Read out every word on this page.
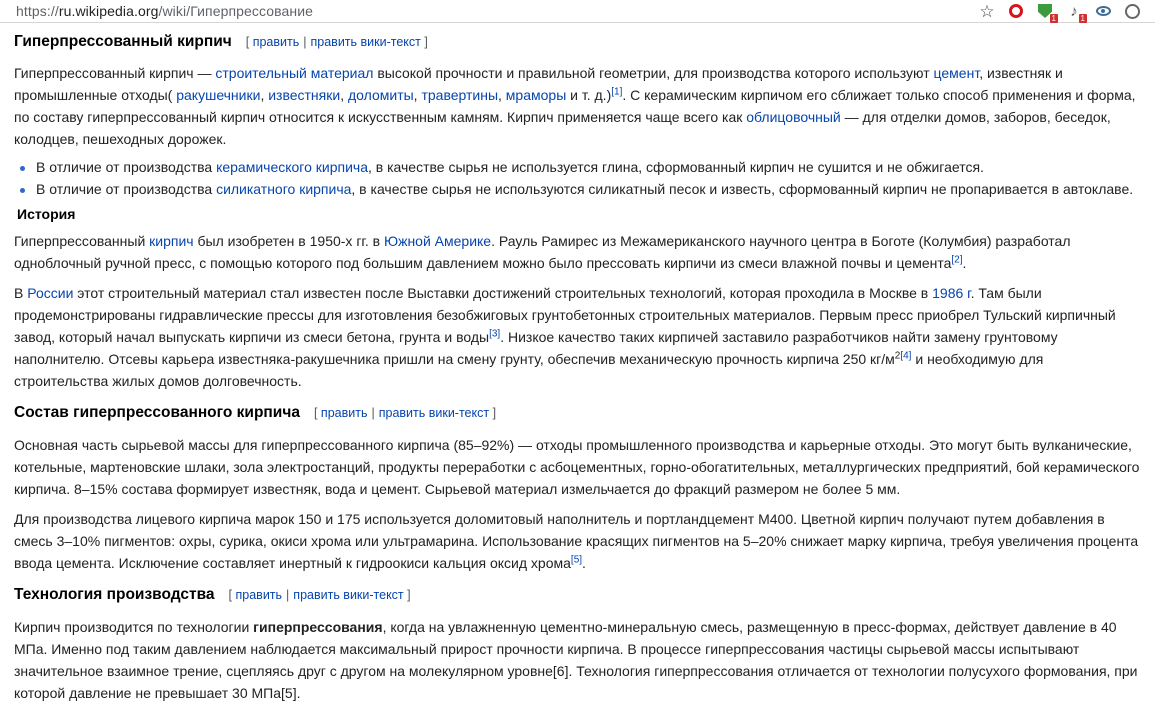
https://ru.wikipedia.org/wiki/Гиперпрессование	☆	1 ♪ 1
Гиперпрессованный кирпич [ править | править вики-текст ]

Гиперпрессованный кирпич — строительный материал высокой прочности и правильной геометрии, для производства которого используют цемент, известняк и промышленные отходы( ракушечники, известняки, доломиты, травертины, мраморы и т. д.)[1]. С керамическим кирпичом его сближает только способ применения и форма, по составу гиперпрессованный кирпич относится к искусственным камням. Кирпич применяется чаще всего как облицовочный — для отделки домов, заборов, беседок, колодцев, пешеходных дорожек.

В отличие от производства керамического кирпича, в качестве сырья не используется глина, сформованный кирпич не сушится и не обжигается.
В отличие от производства силикатного кирпича, в качестве сырья не используются силикатный песок и известь, сформованный кирпич не пропаривается в автоклаве.
История

Гиперпрессованный кирпич был изобретен в 1950-х гг. в Южной Америке. Рауль Рамирес из Межамериканского научного центра в Боготе (Колумбия) разработал одноблочный ручной пресс, с помощью которого под большим давлением можно было прессовать кирпичи из смеси влажной почвы и цемента[2].

В России этот строительный материал стал известен после Выставки достижений строительных технологий, которая проходила в Москве в 1986 г. Там были продемонстрированы гидравлические прессы для изготовления безобжиговых грунтобетонных строительных материалов. Первым пресс приобрел Тульский кирпичный завод, который начал выпускать кирпичи из смеси бетона, грунта и воды[3]. Низкое качество таких кирпичей заставило разработчиков найти замену грунтовому наполнителю. Отсевы карьера известняка-ракушечника пришли на смену грунту, обеспечив механическую прочность кирпича 250 $кг/м^{2[4]}$ и необходимую для строительства жилых домов долговечность.

Состав гиперпрессованного кирпича [ править | править вики-текст ]

Основная часть сырьевой массы для гиперпрессованного кирпича (85–92%) — отходы промышленного производства и карьерные отходы. Это могут быть вулканические, котельные, мартеновские шлаки, зола электростанций, продукты переработки с асбоцементных, горно-обогатительных, металлургических предприятий, бой керамического кирпича. 8–15% состава формирует известняк, вода и цемент. Сырьевой материал измельчается до фракций размером не более 5 мм.

Для производства лицевого кирпича марок 150 и 175 используется доломитовый наполнитель и портландцемент М400. Цветной кирпич получают путем добавления в смесь 3–10% пигментов: охры, сурика, окиси хрома или ультрамарина. Использование красящих пигментов на 5–20% снижает марку кирпича, требуя увеличения процента ввода цемента. Исключение составляет инертный к гидроокиси кальция оксид хрома[5].

Технология производства [ править | править вики-текст ]

Кирпич производится по технологии гиперпрессования, когда на увлажненную цементно-минеральную смесь, размещенную в пресс-формах, действует давление в 40 МПа. Именно под таким давлением наблюдается максимальный прирост прочности кирпича. В процессе гиперпрессования частицы сырьевой массы испытывают значительное взаимное трение, сцепляясь друг с другом на молекулярном уровне[6]. Технология гиперпрессования отличается от технологии полусухого формования, при которой давление не превышает 30 МПа[5].
